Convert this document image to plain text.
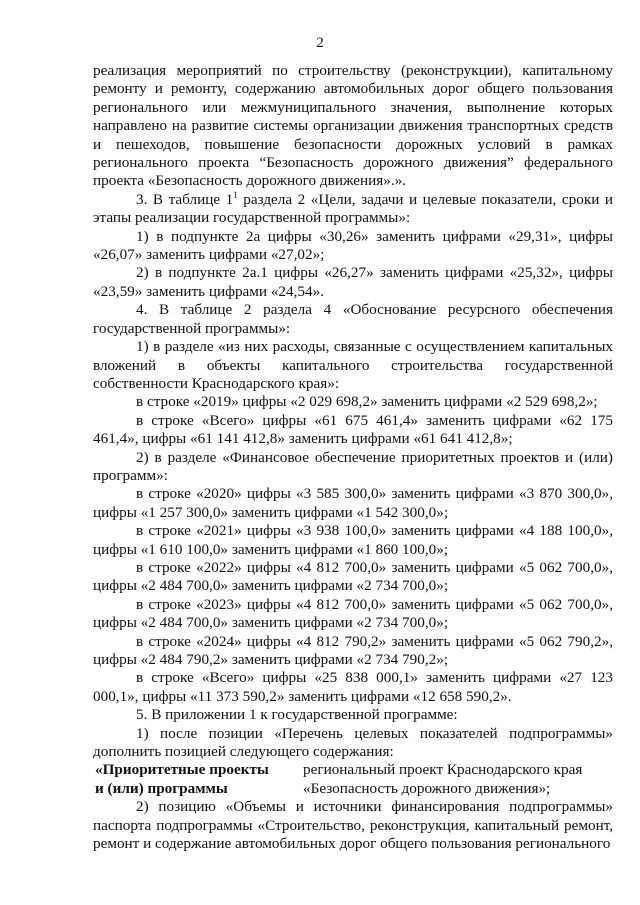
2

реализация мероприятий по строительству (реконструкции), капитальному ремонту и ремонту, содержанию автомобильных дорог общего пользования регионального или межмуниципального значения, выполнение которых направлено на развитие системы организации движения транспортных средств и пешеходов, повышение безопасности дорожных условий в рамках регионального проекта “Безопасность дорожного движения” федерального проекта «Безопасность дорожного движения».».

3. В таблице $1^1$ раздела 2 «Цели, задачи и целевые показатели, сроки и этапы реализации государственной программы»:

1) в подпункте 2а цифры «30,26» заменить цифрами «29,31», цифры «26,07» заменить цифрами «27,02»;

2) в подпункте 2а.1 цифры «26,27» заменить цифрами «25,32», цифры «23,59» заменить цифрами «24,54».

4. В таблице 2 раздела 4 «Обоснование ресурсного обеспечения государственной программы»:

1) в разделе «из них расходы, связанные с осуществлением капитальных вложений в объекты капитального строительства государственной собственности Краснодарского края»:

в строке «2019» цифры «2 029 698,2» заменить цифрами «2 529 698,2»;

в строке «Всего» цифры «61 675 461,4» заменить цифрами «62 175 461,4», цифры «61 141 412,8» заменить цифрами «61 641 412,8»;

2) в разделе «Финансовое обеспечение приоритетных проектов и (или) программ»:

в строке «2020» цифры «3 585 300,0» заменить цифрами «3 870 300,0», цифры «1 257 300,0» заменить цифрами «1 542 300,0»;

в строке «2021» цифры «3 938 100,0» заменить цифрами «4 188 100,0», цифры «1 610 100,0» заменить цифрами «1 860 100,0»;

в строке «2022» цифры «4 812 700,0» заменить цифрами «5 062 700,0», цифры «2 484 700,0» заменить цифрами «2 734 700,0»;

в строке «2023» цифры «4 812 700,0» заменить цифрами «5 062 700,0», цифры «2 484 700,0» заменить цифрами «2 734 700,0»;

в строке «2024» цифры «4 812 790,2» заменить цифрами «5 062 790,2», цифры «2 484 790,2» заменить цифрами «2 734 790,2»;

в строке «Всего» цифры «25 838 000,1» заменить цифрами «27 123 000,1», цифры «11 373 590,2» заменить цифрами «12 658 590,2».

5. В приложении 1 к государственной программе:

1) после позиции «Перечень целевых показателей подпрограммы» дополнить позицией следующего содержания:

«Приоритетные проекты
и (или) программы
региональный проект Краснодарского края
«Безопасность дорожного движения»;

2) позицию «Объемы и источники финансирования подпрограммы» паспорта подпрограммы «Строительство, реконструкция, капитальный ремонт, ремонт и содержание автомобильных дорог общего пользования регионального
